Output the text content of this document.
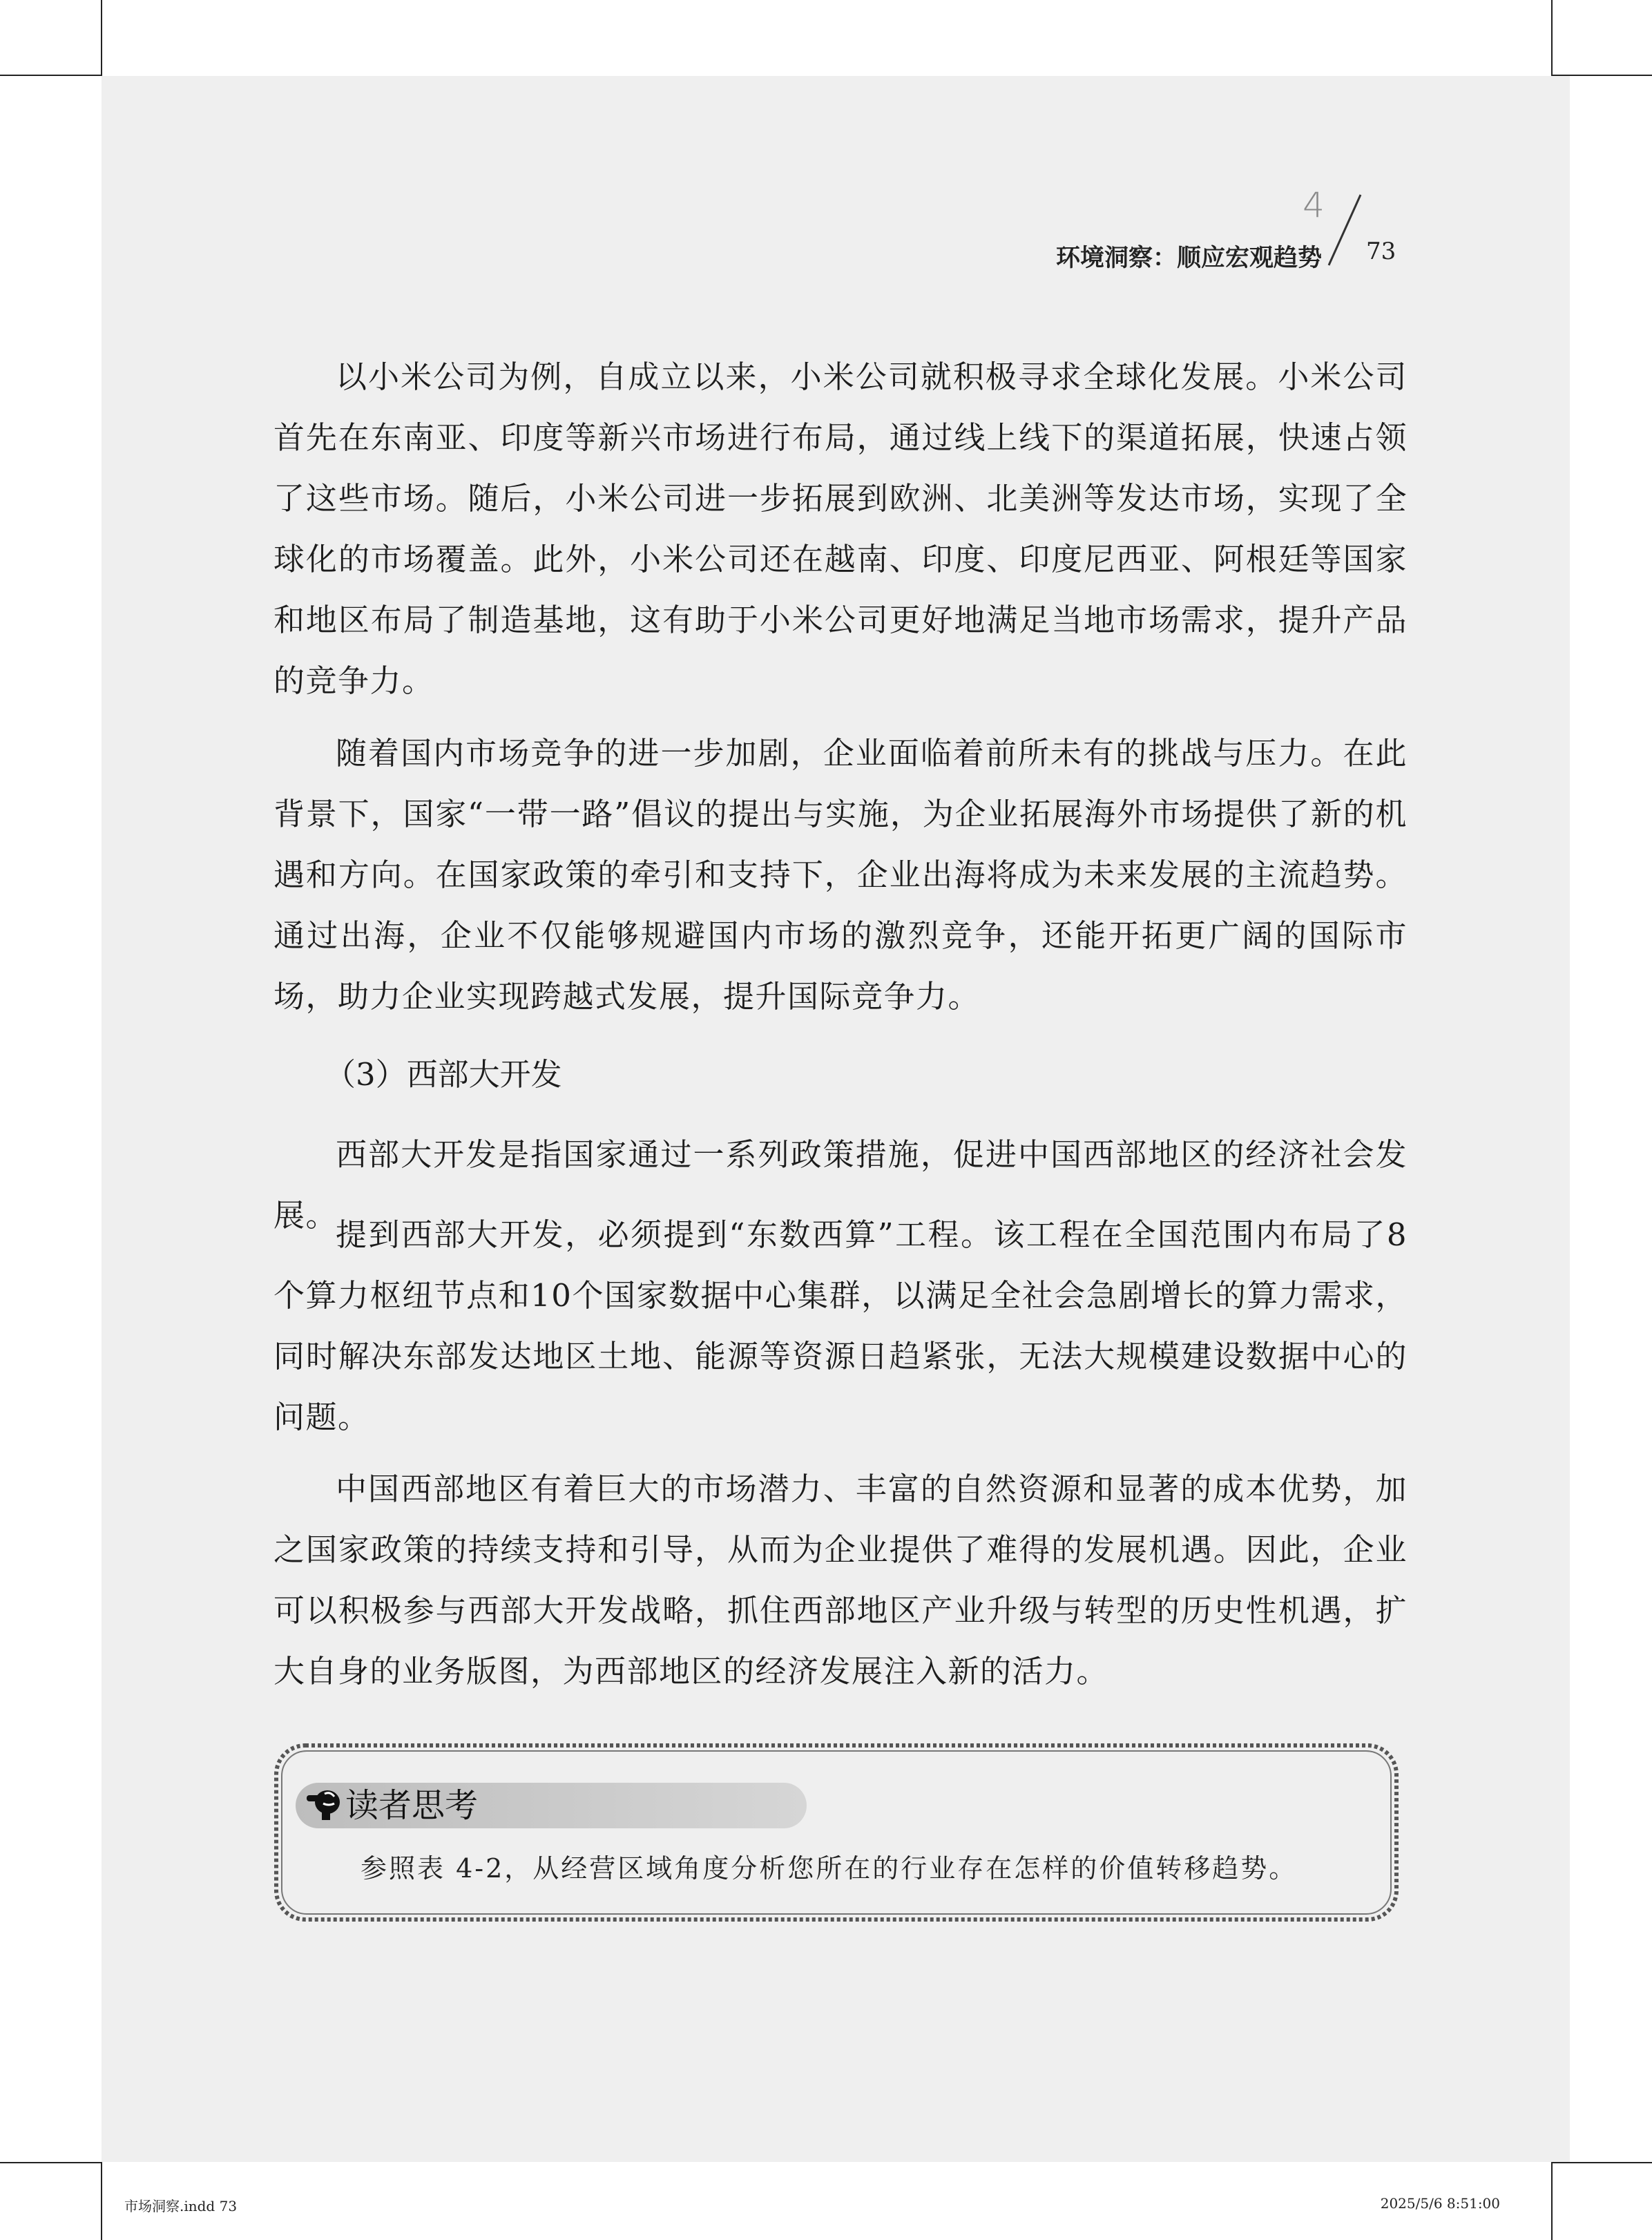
4
环境洞察：顺应宏观趋势 73

以小米公司为例，自成立以来，小米公司就积极寻求全球化发展。小米公司首先在东南亚、印度等新兴市场进行布局，通过线上线下的渠道拓展，快速占领了这些市场。随后，小米公司进一步拓展到欧洲、北美洲等发达市场，实现了全球化的市场覆盖。此外，小米公司还在越南、印度、印度尼西亚、阿根廷等国家和地区布局了制造基地，这有助于小米公司更好地满足当地市场需求，提升产品的竞争力。

随着国内市场竞争的进一步加剧，企业面临着前所未有的挑战与压力。在此背景下，国家“一带一路”倡议的提出与实施，为企业拓展海外市场提供了新的机遇和方向。在国家政策的牵引和支持下，企业出海将成为未来发展的主流趋势。通过出海，企业不仅能够规避国内市场的激烈竞争，还能开拓更广阔的国际市场，助力企业实现跨越式发展，提升国际竞争力。

（3）西部大开发

西部大开发是指国家通过一系列政策措施，促进中国西部地区的经济社会发展。

提到西部大开发，必须提到“东数西算”工程。该工程在全国范围内布局了8个算力枢纽节点和10个国家数据中心集群，以满足全社会急剧增长的算力需求，同时解决东部发达地区土地、能源等资源日趋紧张，无法大规模建设数据中心的问题。

中国西部地区有着巨大的市场潜力、丰富的自然资源和显著的成本优势，加之国家政策的持续支持和引导，从而为企业提供了难得的发展机遇。因此，企业可以积极参与西部大开发战略，抓住西部地区产业升级与转型的历史性机遇，扩大自身的业务版图，为西部地区的经济发展注入新的活力。

读者思考
参照表 4-2，从经营区域角度分析您所在的行业存在怎样的价值转移趋势。
市场洞察.indd 73	2025/5/6 8:51:00
